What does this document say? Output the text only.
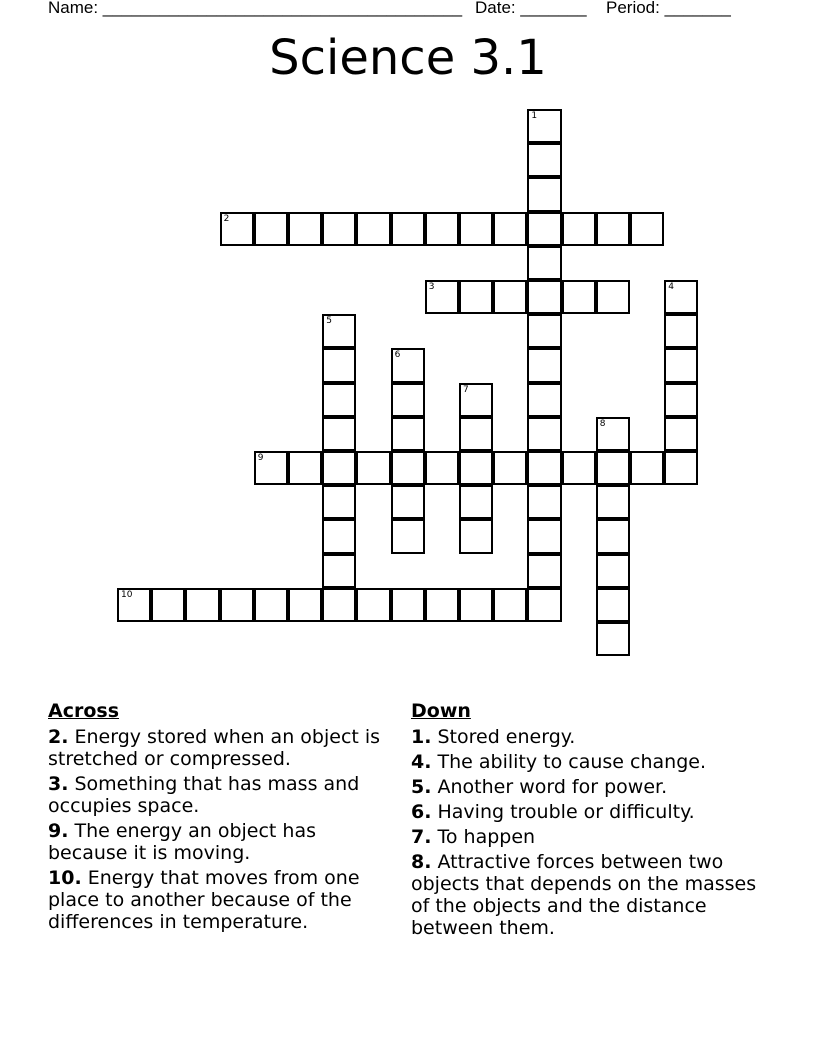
Name: ______________________________________ Date: _______ Period: _______
Science 3.1
1
2
3	4
5
6
7
8
9
10
Across
2. Energy stored when an object is stretched or compressed.
3. Something that has mass and occupies space.
9. The energy an object has because it is moving.
10. Energy that moves from one place to another because of the differences in temperature.
Down
1. Stored energy.
4. The ability to cause change.
5. Another word for power.
6. Having trouble or difficulty.
7. To happen
8. Attractive forces between two objects that depends on the masses of the objects and the distance between them.
